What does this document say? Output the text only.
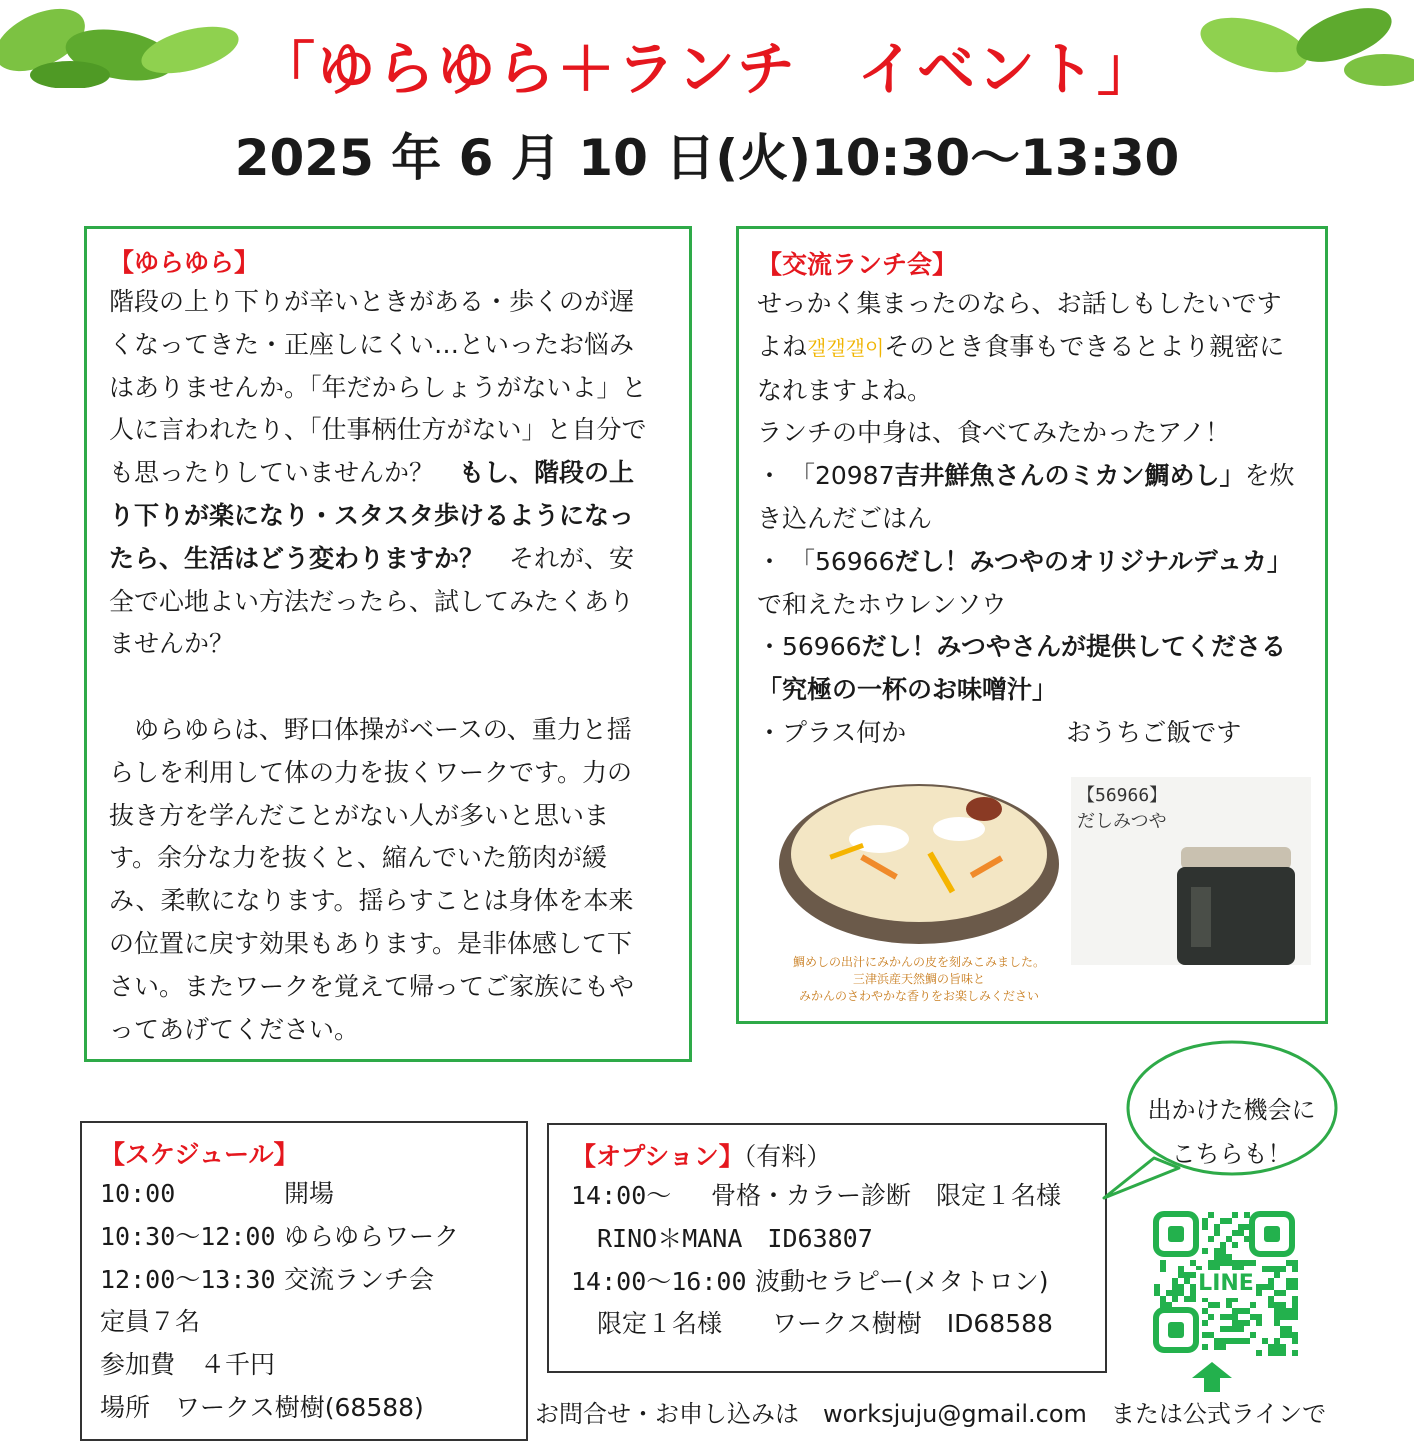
「ゆらゆら＋ランチ　イベント」
2025 年 6 月 10 日(火)10:30〜13:30
【ゆらゆら】
階段の上り下りが辛いときがある・歩くのが遅
くなってきた・正座しにくい…といったお悩み
はありませんか。「年だからしょうがないよ」と
人に言われたり、「仕事柄仕方がない」と自分で
も思ったりしていませんか？　もし、階段の上
り下りが楽になり・スタスタ歩けるようになっ
たら、生活はどう変わりますか？　それが、安
全で心地よい方法だったら、試してみたくあり
ませんか？

　ゆらゆらは、野口体操がベースの、重力と揺
らしを利用して体の力を抜くワークです。力の
抜き方を学んだことがない人が多いと思いま
す。余分な力を抜くと、縮んでいた筋肉が緩
み、柔軟になります。揺らすことは身体を本来
の位置に戻す効果もあります。是非体感して下
さい。またワークを覚えて帰ってご家族にもや
ってあげてください。
【交流ランチ会】
せっかく集まったのなら、お話しもしたいです
よね갤갤갤이そのとき食事もできるとより親密に
なれますよね。
ランチの中身は、食べてみたかったアノ！
・ 「20987吉井鮮魚さんのミカン鯛めし」を炊
き込んだごはん
・ 「56966だし！みつやのオリジナルデュカ」
で和えたホウレンソウ
・56966だし！みつやさんが提供してくださる
「究極の一杯のお味噌汁」
・プラス何か	おうちご飯です
鯛めしの出汁にみかんの皮を刻みこみました。
三津浜産天然鯛の旨味と
みかんのさわやかな香りをお楽しみください
【56966】
だしみつや
【スケジュール】
10:00	開場
10:30〜12:00 ゆらゆらワーク
12:00〜13:30 交流ランチ会
定員７名
参加費　４千円
場所　ワークス樹樹(68588)
【オプション】（有料）
14:00〜 骨格・カラー診断　限定１名様
RINO＊MANA　ID63807
14:00〜16:00 波動セラピー(メタトロン)
限定１名様 ワークス樹樹　ID68588
出かけた機会に
こちらも！
LINE
お問合せ・お申し込みは　worksjuju@gmail.com　または公式ラインで
